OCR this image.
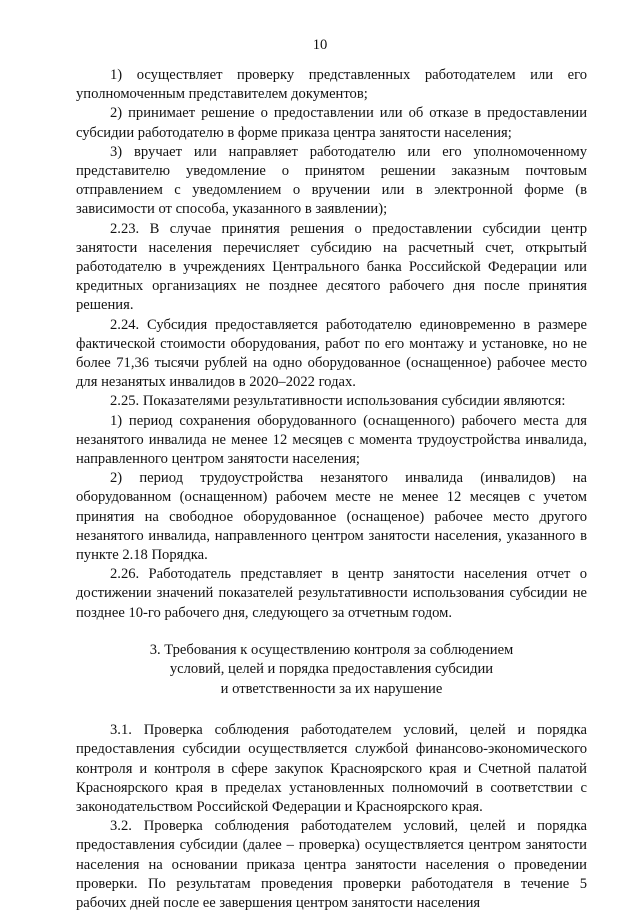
10

1) осуществляет проверку представленных работодателем или его уполномоченным представителем документов;

2) принимает решение о предоставлении или об отказе в предоставлении субсидии работодателю в форме приказа центра занятости населения;

3) вручает или направляет работодателю или его уполномоченному представителю уведомление о принятом решении заказным почтовым отправлением с уведомлением о вручении или в электронной форме (в зависимости от способа, указанного в заявлении);

2.23. В случае принятия решения о предоставлении субсидии центр занятости населения перечисляет субсидию на расчетный счет, открытый работодателю в учреждениях Центрального банка Российской Федерации или кредитных организациях не позднее десятого рабочего дня после принятия решения.

2.24. Субсидия предоставляется работодателю единовременно в размере фактической стоимости оборудования, работ по его монтажу и установке, но не более 71,36 тысячи рублей на одно оборудованное (оснащенное) рабочее место для незанятых инвалидов в 2020–2022 годах.

2.25. Показателями результативности использования субсидии являются:

1) период сохранения оборудованного (оснащенного) рабочего места для незанятого инвалида не менее 12 месяцев с момента трудоустройства инвалида, направленного центром занятости населения;

2) период трудоустройства незанятого инвалида (инвалидов) на оборудованном (оснащенном) рабочем месте не менее 12 месяцев с учетом принятия на свободное оборудованное (оснащеное) рабочее место другого незанятого инвалида, направленного центром занятости населения, указанного в пункте 2.18 Порядка.

2.26. Работодатель представляет в центр занятости населения отчет о достижении значений показателей результативности использования субсидии не позднее 10-го рабочего дня, следующего за отчетным годом.

3. Требования к осуществлению контроля за соблюдением
условий, целей и порядка предоставления субсидии
и ответственности за их нарушение

3.1. Проверка соблюдения работодателем условий, целей и порядка предоставления субсидии осуществляется службой финансово-экономического контроля и контроля в сфере закупок Красноярского края и Счетной палатой Красноярского края в пределах установленных полномочий в соответствии с законодательством Российской Федерации и Красноярского края.

3.2. Проверка соблюдения работодателем условий, целей и порядка предоставления субсидии (далее – проверка) осуществляется центром занятости населения на основании приказа центра занятости населения о проведении проверки. По результатам проведения проверки работодателя в течение 5 рабочих дней после ее завершения центром занятости населения
